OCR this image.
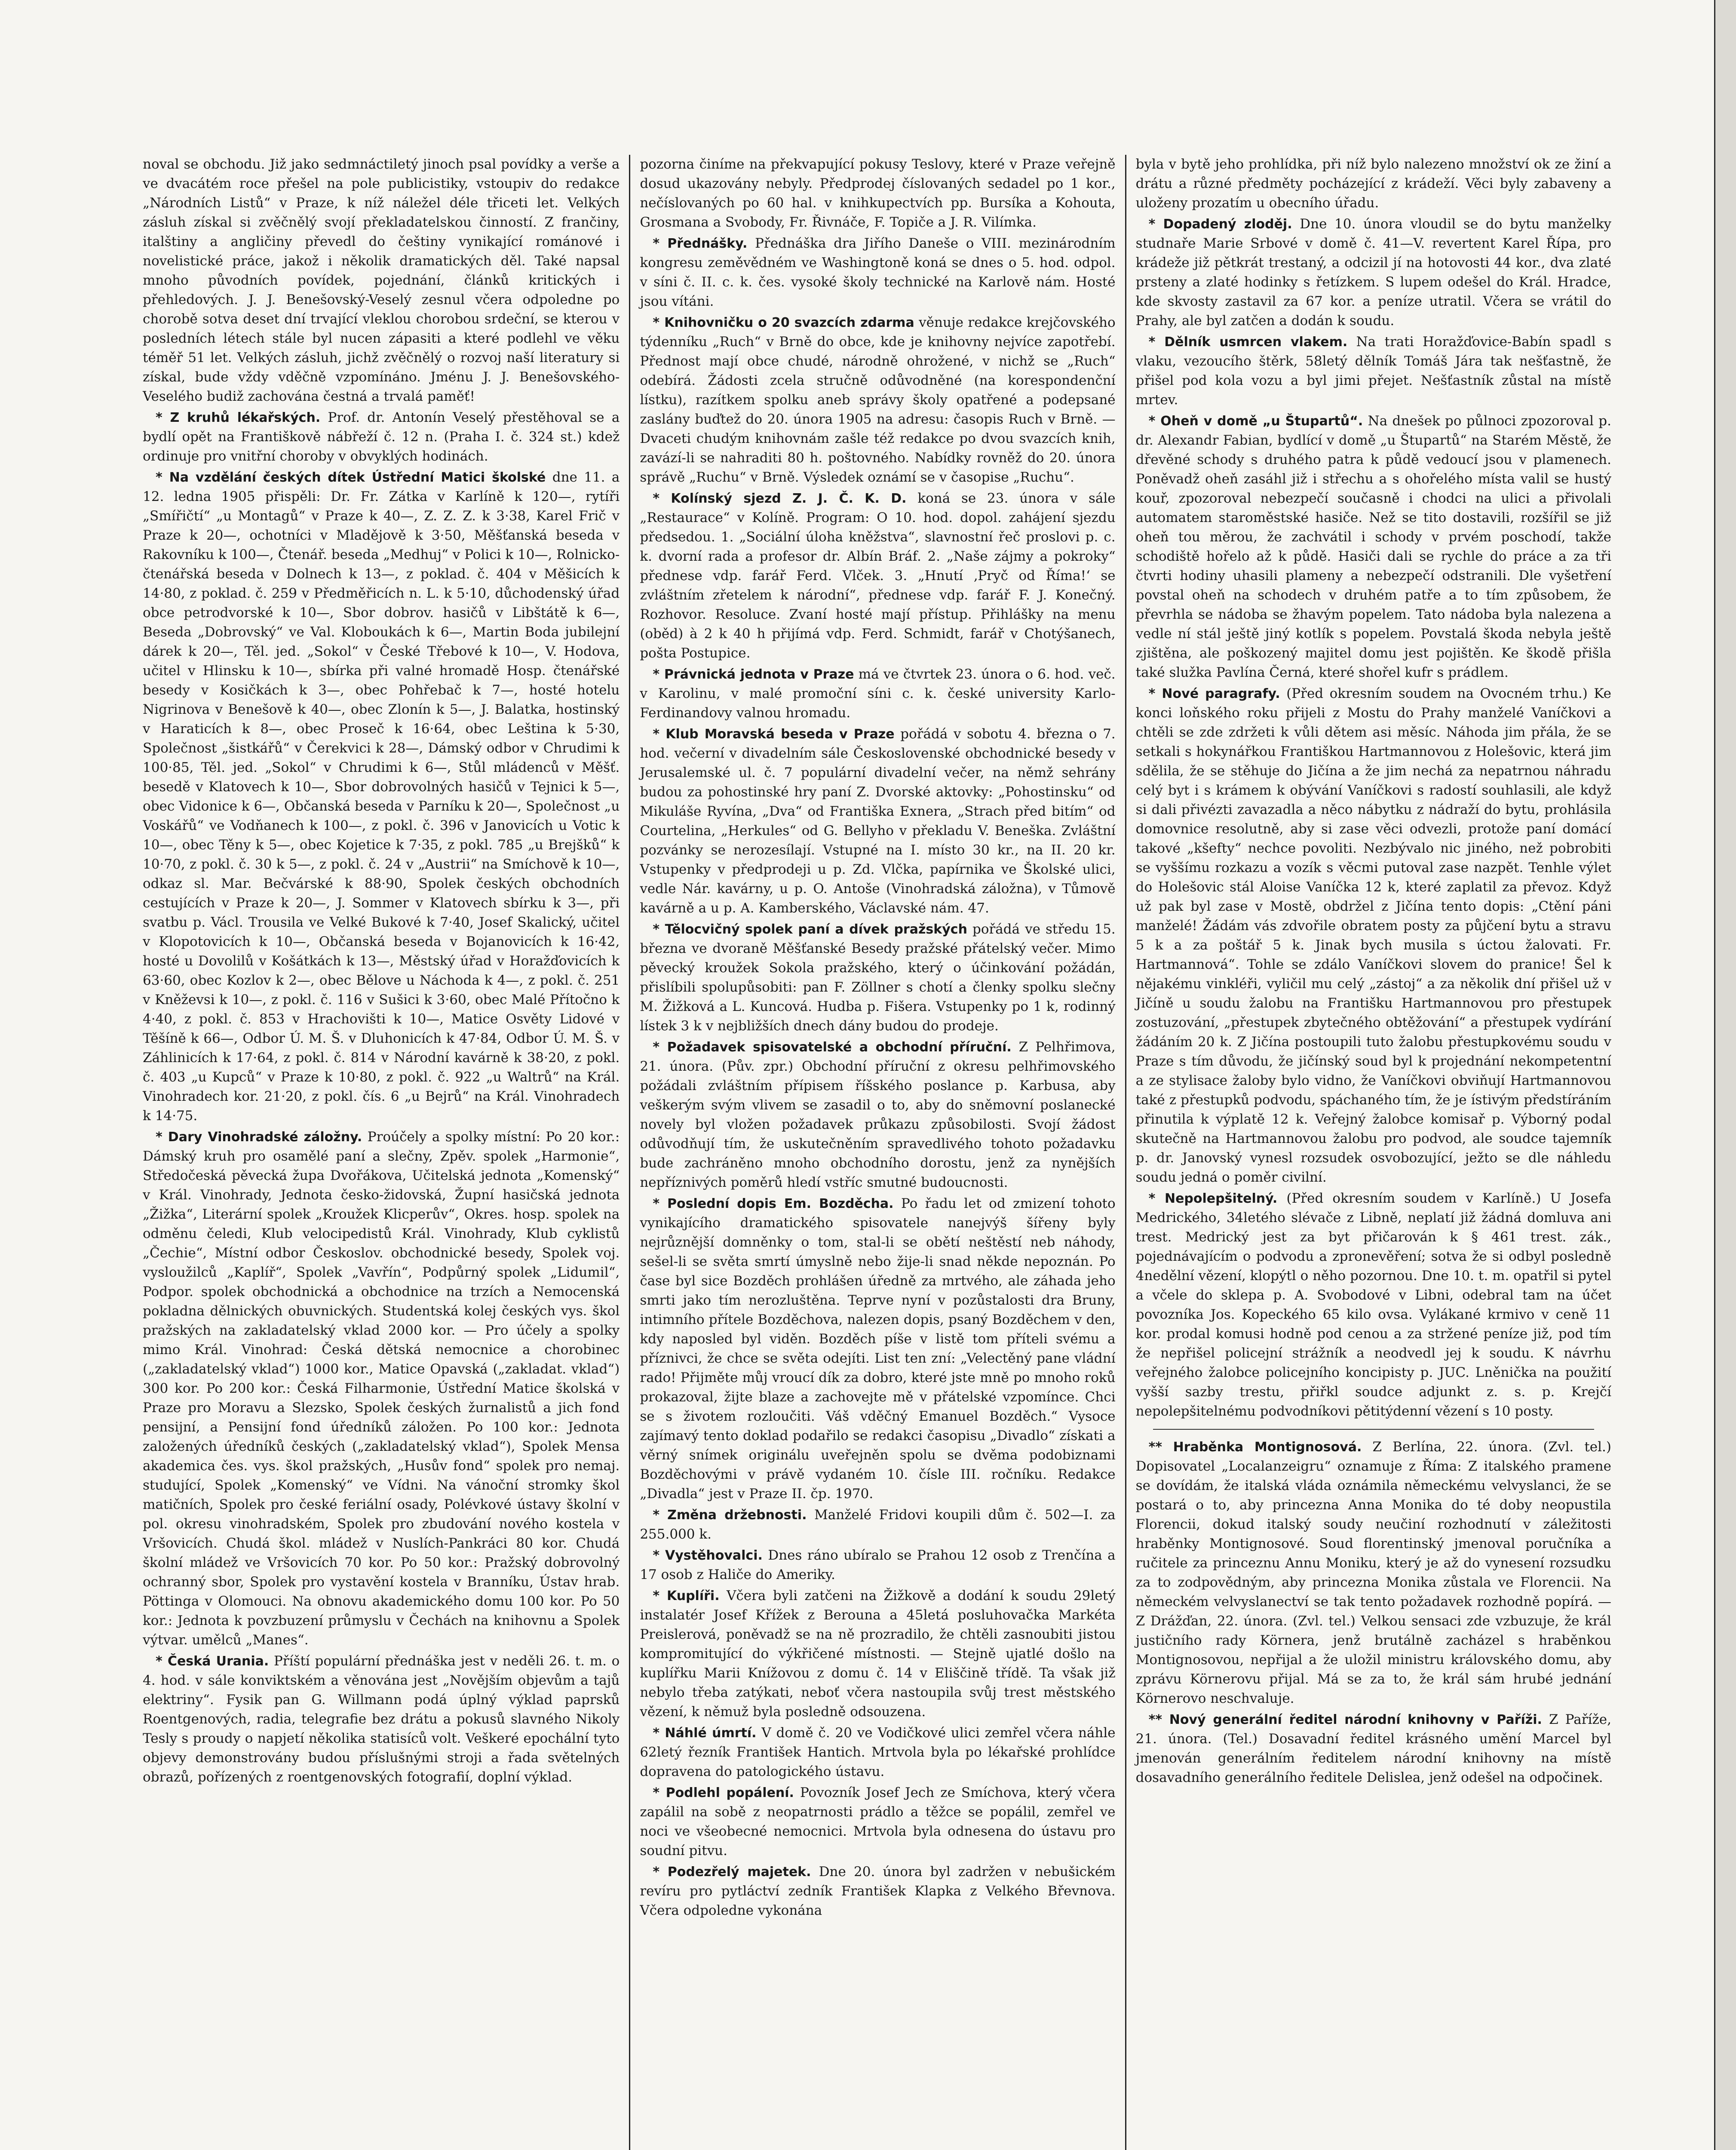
noval se obchodu. Již jako sedmnáctiletý jinoch psal povídky a verše a ve dvacátém roce přešel na pole publicistiky, vstoupiv do redakce „Národních Listů“ v Praze, k níž náležel déle třiceti let. Velkých zásluh získal si zvěčnělý svojí překladatelskou činností. Z frančiny, italštiny a angličiny převedl do češtiny vynikající románové i novelistické práce, jakož i několik dramatických děl. Také napsal mnoho původních povídek, pojednání, článků kritických i přehledových. J. J. Benešovský-Veselý zesnul včera odpoledne po chorobě sotva deset dní trvající vleklou chorobou srdeční, se kterou v posledních létech stále byl nucen zápasiti a které podlehl ve věku téměř 51 let. Velkých zásluh, jichž zvěčnělý o rozvoj naší literatury si získal, bude vždy vděčně vzpomínáno. Jménu J. J. Benešovského-Veselého budiž zachována čestná a trvalá paměť!

* Z kruhů lékařských. Prof. dr. Antonín Veselý přestěhoval se a bydlí opět na Františkově nábřeží č. 12 n. (Praha I. č. 324 st.) kdež ordinuje pro vnitřní choroby v obvyklých hodinách.

* Na vzdělání českých dítek Ústřední Matici školské dne 11. a 12. ledna 1905 přispěli: Dr. Fr. Zátka v Karlíně k 120—, rytíři „Smířičtí“ „u Montagů“ v Praze k 40—, Z. Z. Z. k 3·38, Karel Frič v Praze k 20—, ochotníci v Mladějově k 3·50, Měšťanská beseda v Rakovníku k 100—, Čtenář. beseda „Medhuj“ v Polici k 10—, Rolnicko-čtenářská beseda v Dolnech k 13—, z poklad. č. 404 v Měšicích k 14·80, z poklad. č. 259 v Předměřicích n. L. k 5·10, důchodenský úřad obce petrodvorské k 10—, Sbor dobrov. hasičů v Libštátě k 6—, Beseda „Dobrovský“ ve Val. Kloboukách k 6—, Martin Boda jubilejní dárek k 20—, Těl. jed. „Sokol“ v České Třebové k 10—, V. Hodova, učitel v Hlinsku k 10—, sbírka při valné hromadě Hosp. čtenářské besedy v Kosičkách k 3—, obec Pohřebač k 7—, hosté hotelu Nigrinova v Benešově k 40—, obec Zlonín k 5—, J. Balatka, hostinský v Haraticích k 8—, obec Proseč k 16·64, obec Leština k 5·30, Společnost „šistkářů“ v Čerekvici k 28—, Dámský odbor v Chrudimi k 100·85, Těl. jed. „Sokol“ v Chrudimi k 6—, Stůl mládenců v Měšť. besedě v Klatovech k 10—, Sbor dobrovolných hasičů v Tejnici k 5—, obec Vidonice k 6—, Občanská beseda v Parníku k 20—, Společnost „u Voskářů“ ve Vodňanech k 100—, z pokl. č. 396 v Janovicích u Votic k 10—, obec Těny k 5—, obec Kojetice k 7·35, z pokl. 785 „u Brejšků“ k 10·70, z pokl. č. 30 k 5—, z pokl. č. 24 v „Austrii“ na Smíchově k 10—, odkaz sl. Mar. Bečvárské k 88·90, Spolek českých obchodních cestujících v Praze k 20—, J. Sommer v Klatovech sbírku k 3—, při svatbu p. Václ. Trousila ve Velké Bukové k 7·40, Josef Skalický, učitel v Klopotovicích k 10—, Občanská beseda v Bojanovicích k 16·42, hosté u Dovolilů v Košátkách k 13—, Městský úřad v Horažďovicích k 63·60, obec Kozlov k 2—, obec Bělove u Náchoda k 4—, z pokl. č. 251 v Kněževsi k 10—, z pokl. č. 116 v Sušici k 3·60, obec Malé Přítočno k 4·40, z pokl. č. 853 v Hrachovišti k 10—, Matice Osvěty Lidové v Těšíně k 66—, Odbor Ú. M. Š. v Dluhonicích k 47·84, Odbor Ú. M. Š. v Záhlinicích k 17·64, z pokl. č. 814 v Národní kavárně k 38·20, z pokl. č. 403 „u Kupců“ v Praze k 10·80, z pokl. č. 922 „u Waltrů“ na Král. Vinohradech kor. 21·20, z pokl. čís. 6 „u Bejrů“ na Král. Vinohradech k 14·75.

* Dary Vinohradské záložny. Proúčely a spolky místní: Po 20 kor.: Dámský kruh pro osamělé paní a slečny, Zpěv. spolek „Harmonie“, Středočeská pěvecká župa Dvořákova, Učitelská jednota „Komenský“ v Král. Vinohrady, Jednota česko-židovská, Župní hasičská jednota „Žižka“, Literární spolek „Kroužek Klicperův“, Okres. hosp. spolek na odměnu čeledi, Klub velocipedistů Král. Vinohrady, Klub cyklistů „Čechie“, Místní odbor Českoslov. obchodnické besedy, Spolek voj. vysloužilců „Kaplíř“, Spolek „Vavřín“, Podpůrný spolek „Lidumil“, Podpor. spolek obchodnická a obchodnice na trzích a Nemocenská pokladna dělnických obuvnických. Studentská kolej českých vys. škol pražských na zakladatelský vklad 2000 kor. — Pro účely a spolky mimo Král. Vinohrad: Česká dětská nemocnice a chorobinec („zakladatelský vklad“) 1000 kor., Matice Opavská („zakladat. vklad“) 300 kor. Po 200 kor.: Česká Filharmonie, Ústřední Matice školská v Praze pro Moravu a Slezsko, Spolek českých žurnalistů a jich fond pensijní, a Pensijní fond úředníků záložen. Po 100 kor.: Jednota založených úředníků českých („zakladatelský vklad“), Spolek Mensa akademica čes. vys. škol pražských, „Husův fond“ spolek pro nemaj. studující, Spolek „Komenský“ ve Vídni. Na vánoční stromky škol matičních, Spolek pro české feriální osady, Polévkové ústavy školní v pol. okresu vinohradském, Spolek pro zbudování nového kostela v Vršovicích. Chudá škol. mládež v Nuslích-Pankráci 80 kor. Chudá školní mládež ve Vršovicích 70 kor. Po 50 kor.: Pražský dobrovolný ochranný sbor, Spolek pro vystavění kostela v Branníku, Ústav hrab. Pöttinga v Olomouci. Na obnovu akademického domu 100 kor. Po 50 kor.: Jednota k povzbuzení průmyslu v Čechách na knihovnu a Spolek výtvar. umělců „Manes“.

* Česká Urania. Příští populární přednáška jest v neděli 26. t. m. o 4. hod. v sále konviktském a věnována jest „Novějším objevům a tajů elektriny“. Fysik pan G. Willmann podá úplný výklad paprsků Roentgenových, radia, telegrafie bez drátu a pokusů slavného Nikoly Tesly s proudy o napjetí několika statisíců volt. Veškeré epochální tyto objevy demonstrovány budou příslušnými stroji a řada světelných obrazů, pořízených z roentgenovských fotografií, doplní výklad.

pozorna činíme na překvapující pokusy Teslovy, které v Praze veřejně dosud ukazovány nebyly. Předprodej číslovaných sedadel po 1 kor., nečíslovaných po 60 hal. v knihkupectvích pp. Bursíka a Kohouta, Grosmana a Svobody, Fr. Řivnáče, F. Topiče a J. R. Vilímka.

* Přednášky. Přednáška dra Jiřího Daneše o VIII. mezinárodním kongresu zeměvědném ve Washingtoně koná se dnes o 5. hod. odpol. v síni č. II. c. k. čes. vysoké školy technické na Karlově nám. Hosté jsou vítáni.

* Knihovničku o 20 svazcích zdarma věnuje redakce krejčovského týdenníku „Ruch“ v Brně do obce, kde je knihovny nejvíce zapotřebí. Přednost mají obce chudé, národně ohrožené, v nichž se „Ruch“ odebírá. Žádosti zcela stručně odůvodněné (na korespondenční lístku), razítkem spolku aneb správy školy opatřené a podepsané zaslány buďtež do 20. února 1905 na adresu: časopis Ruch v Brně. — Dvaceti chudým knihovnám zašle též redakce po dvou svazcích knih, zavází-li se nahraditi 80 h. poštovného. Nabídky rovněž do 20. února správě „Ruchu“ v Brně. Výsledek oznámí se v časopise „Ruchu“.

* Kolínský sjezd Z. J. Č. K. D. koná se 23. února v sále „Restaurace“ v Kolíně. Program: O 10. hod. dopol. zahájení sjezdu předsedou. 1. „Sociální úloha kněžstva“, slavnostní řeč proslovi p. c. k. dvorní rada a profesor dr. Albín Bráf. 2. „Naše zájmy a pokroky“ přednese vdp. farář Ferd. Vlček. 3. „Hnutí ‚Pryč od Říma!‘ se zvláštním zřetelem k národní“, přednese vdp. farář F. J. Konečný. Rozhovor. Resoluce. Zvaní hosté mají přístup. Přihlášky na menu (oběd) à 2 k 40 h přijímá vdp. Ferd. Schmidt, farář v Chotýšanech, pošta Postupice.

* Právnická jednota v Praze má ve čtvrtek 23. února o 6. hod. več. v Karolinu, v malé promoční síni c. k. české university Karlo-Ferdinandovy valnou hromadu.

* Klub Moravská beseda v Praze pořádá v sobotu 4. března o 7. hod. večerní v divadelním sále Československé obchodnické besedy v Jerusalemské ul. č. 7 populární divadelní večer, na němž sehrány budou za pohostinské hry paní Z. Dvorské aktovky: „Pohostinsku“ od Mikuláše Ryvína, „Dva“ od Františka Exnera, „Strach před bitím“ od Courtelina, „Herkules“ od G. Bellyho v překladu V. Beneška. Zvláštní pozvánky se nerozesílají. Vstupné na I. místo 30 kr., na II. 20 kr. Vstupenky v předprodeji u p. Zd. Vlčka, papírnika ve Školské ulici, vedle Nár. kavárny, u p. O. Antoše (Vinohradská záložna), v Tůmově kavárně a u p. A. Kamberského, Václavské nám. 47.

* Tělocvičný spolek paní a dívek pražských pořádá ve středu 15. března ve dvoraně Měšťanské Besedy pražské přátelský večer. Mimo pěvecký kroužek Sokola pražského, který o účinkování požádán, přislíbili spolupůsobiti: pan F. Zöllner s chotí a členky spolku slečny M. Žižková a L. Kuncová. Hudba p. Fišera. Vstupenky po 1 k, rodinný lístek 3 k v nejbližších dnech dány budou do prodeje.

* Požadavek spisovatelské a obchodní příruční. Z Pelhřimova, 21. února. (Pův. zpr.) Obchodní příruční z okresu pelhřimovského požádali zvláštním přípisem říšského poslance p. Karbusa, aby veškerým svým vlivem se zasadil o to, aby do sněmovní poslanecké novely byl vložen požadavek průkazu způsobilosti. Svojí žádost odůvodňují tím, že uskutečněním spravedlivého tohoto požadavku bude zachráněno mnoho obchodního dorostu, jenž za nynějších nepříznivých poměrů hledí vstříc smutné budoucnosti.

* Poslední dopis Em. Bozděcha. Po řadu let od zmizení tohoto vynikajícího dramatického spisovatele nanejvýš šířeny byly nejrůznější domněnky o tom, stal-li se obětí neštěstí neb náhody, sešel-li se světa smrtí úmyslně nebo žije-li snad někde nepoznán. Po čase byl sice Bozděch prohlášen úředně za mrtvého, ale záhada jeho smrti jako tím nerozluštěna. Teprve nyní v pozůstalosti dra Bruny, intimního přítele Bozděchova, nalezen dopis, psaný Bozděchem v den, kdy naposled byl viděn. Bozděch píše v listě tom příteli svému a příznivci, že chce se světa odejíti. List ten zní: „Velectěný pane vládní rado! Přijměte můj vroucí dík za dobro, které jste mně po mnoho roků prokazoval, žijte blaze a zachovejte mě v přátelské vzpomínce. Chci se s životem rozloučiti. Váš vděčný Emanuel Bozděch.“ Vysoce zajímavý tento doklad podařilo se redakci časopisu „Divadlo“ získati a věrný snímek originálu uveřejněn spolu se dvěma podobiznami Bozděchovými v právě vydaném 10. čísle III. ročníku. Redakce „Divadla“ jest v Praze II. čp. 1970.

* Změna držebnosti. Manželé Fridovi koupili dům č. 502—I. za 255.000 k.

* Vystěhovalci. Dnes ráno ubíralo se Prahou 12 osob z Trenčína a 17 osob z Haliče do Ameriky.

* Kuplíři. Včera byli zatčeni na Žižkově a dodání k soudu 29letý instalatér Josef Křížek z Berouna a 45letá posluhovačka Markéta Preislerová, poněvadž se na ně prozradilo, že chtěli zasnoubiti jistou kompromitující do výkřičené místnosti. — Stejně ujatlé došlo na kuplířku Marii Knížovou z domu č. 14 v Eliščině třídě. Ta však již nebylo třeba zatýkati, neboť včera nastoupila svůj trest městského vězení, k němuž byla posledně odsouzena.

* Náhlé úmrtí. V domě č. 20 ve Vodičkové ulici zemřel včera náhle 62letý řezník František Hantich. Mrtvola byla po lékařské prohlídce dopravena do patologického ústavu.

* Podlehl popálení. Povozník Josef Jech ze Smíchova, který včera zapálil na sobě z neopatrnosti prádlo a těžce se popálil, zemřel ve noci ve všeobecné nemocnici. Mrtvola byla odnesena do ústavu pro soudní pitvu.

* Podezřelý majetek. Dne 20. února byl zadržen v nebušickém revíru pro pytláctví zedník František Klapka z Velkého Břevnova. Včera odpoledne vykonána

byla v bytě jeho prohlídka, při níž bylo nalezeno množství ok ze žiní a drátu a různé předměty pocházející z krádeží. Věci byly zabaveny a uloženy prozatím u obecního úřadu.

* Dopadený zloděj. Dne 10. února vloudil se do bytu manželky studnaře Marie Srbové v domě č. 41—V. revertent Karel Řípa, pro krádeže již pětkrát trestaný, a odcizil jí na hotovosti 44 kor., dva zlaté prsteny a zlaté hodinky s řetízkem. S lupem odešel do Král. Hradce, kde skvosty zastavil za 67 kor. a peníze utratil. Včera se vrátil do Prahy, ale byl zatčen a dodán k soudu.

* Dělník usmrcen vlakem. Na trati Horažďovice-Babín spadl s vlaku, vezoucího štěrk, 58letý dělník Tomáš Jára tak nešťastně, že přišel pod kola vozu a byl jimi přejet. Nešťastník zůstal na místě mrtev.

* Oheň v domě „u Štupartů“. Na dnešek po půlnoci zpozoroval p. dr. Alexandr Fabian, bydlící v domě „u Štupartů“ na Starém Městě, že dřevěné schody s druhého patra k půdě vedoucí jsou v plamenech. Poněvadž oheň zasáhl již i střechu a s ohořelého místa valil se hustý kouř, zpozoroval nebezpečí současně i chodci na ulici a přivolali automatem staroměstské hasiče. Než se tito dostavili, rozšířil se již oheň tou měrou, že zachvátil i schody v prvém poschodí, takže schodiště hořelo až k půdě. Hasiči dali se rychle do práce a za tři čtvrti hodiny uhasili plameny a nebezpečí odstranili. Dle vyšetření povstal oheň na schodech v druhém patře a to tím způsobem, že převrhla se nádoba se žhavým popelem. Tato nádoba byla nalezena a vedle ní stál ještě jiný kotlík s popelem. Povstalá škoda nebyla ještě zjištěna, ale poškozený majitel domu jest pojištěn. Ke škodě přišla také služka Pavlína Černá, které shořel kufr s prádlem.

* Nové paragrafy. (Před okresním soudem na Ovocném trhu.) Ke konci loňského roku přijeli z Mostu do Prahy manželé Vaníčkovi a chtěli se zde zdržeti k vůli dětem asi měsíc. Náhoda jim přála, že se setkali s hokynářkou Františkou Hartmannovou z Holešovic, která jim sdělila, že se stěhuje do Jičína a že jim nechá za nepatrnou náhradu celý byt i s krámem k obývání Vaníčkovi s radostí souhlasili, ale když si dali přivézti zavazadla a něco nábytku z nádraží do bytu, prohlásila domovnice resolutně, aby si zase věci odvezli, protože paní domácí takové „kšefty“ nechce povoliti. Nezbývalo nic jiného, než pobrobiti se vyššímu rozkazu a vozík s věcmi putoval zase nazpět. Tenhle výlet do Holešovic stál Aloise Vaníčka 12 k, které zaplatil za převoz. Když už pak byl zase v Mostě, obdržel z Jičína tento dopis: „Ctění páni manželé! Žádám vás zdvořile obratem posty za půjčení bytu a stravu 5 k a za poštář 5 k. Jinak bych musila s úctou žalovati. Fr. Hartmannová“. Tohle se zdálo Vaníčkovi slovem do pranice! Šel k nějakému vinkléři, vyličil mu celý „zástoj“ a za několik dní přišel už v Jičíně u soudu žalobu na Františku Hartmannovou pro přestupek zostuzování, „přestupek zbytečného obtěžování“ a přestupek vydírání žádáním 20 k. Z Jičína postoupili tuto žalobu přestupkovému soudu v Praze s tím důvodu, že jičínský soud byl k projednání nekompetentní a ze stylisace žaloby bylo vidno, že Vaníčkovi obviňují Hartmannovou také z přestupků podvodu, spáchaného tím, že je ístivým předstíráním přinutila k výplatě 12 k. Veřejný žalobce komisař p. Výborný podal skutečně na Hartmannovou žalobu pro podvod, ale soudce tajemník p. dr. Janovský vynesl rozsudek osvobozující, ježto se dle náhledu soudu jedná o poměr civilní.

* Nepolepšitelný. (Před okresním soudem v Karlíně.) U Josefa Medrického, 34letého slévače z Libně, neplatí již žádná domluva ani trest. Medrický jest za byt přičarován k § 461 trest. zák., pojednávajícím o podvodu a zpronevěření; sotva že si odbyl posledně 4nedělní vězení, klopýtl o něho pozornou. Dne 10. t. m. opatřil si pytel a včele do sklepa p. A. Svobodové v Libni, odebral tam na účet povozníka Jos. Kopeckého 65 kilo ovsa. Vylákané krmivo v ceně 11 kor. prodal komusi hodně pod cenou a za stržené peníze již, pod tím že nepřišel policejní strážník a neodvedl jej k soudu. K návrhu veřejného žalobce policejního koncipisty p. JUC. Lněnička na použití vyšší sazby trestu, přiřkl soudce adjunkt z. s. p. Krejčí nepolepšitelnému podvodníkovi pětitýdenní vězení s 10 posty.

** Hraběnka Montignosová. Z Berlína, 22. února. (Zvl. tel.) Dopisovatel „Localanzeigru“ oznamuje z Říma: Z italského pramene se dovídám, že italská vláda oznámila německému velvyslanci, že se postará o to, aby princezna Anna Monika do té doby neopustila Florencii, dokud italský soudy neučiní rozhodnutí v záležitosti hraběnky Montignosové. Soud florentinský jmenoval poručníka a ručitele za princeznu Annu Moniku, který je až do vynesení rozsudku za to zodpovědným, aby princezna Monika zůstala ve Florencii. Na německém velvyslanectví se tak tento požadavek rozhodně popírá. — Z Drážďan, 22. února. (Zvl. tel.) Velkou sensaci zde vzbuzuje, že král justičního rady Körnera, jenž brutálně zacházel s hraběnkou Montignosovou, nepřijal a že uložil ministru královského domu, aby zprávu Körnerovu přijal. Má se za to, že král sám hrubé jednání Körnerovo neschvaluje.

** Nový generální ředitel národní knihovny v Paříži. Z Paříže, 21. února. (Tel.) Dosavadní ředitel krásného umění Marcel byl jmenován generálním ředitelem národní knihovny na místě dosavadního generálního ředitele Delislea, jenž odešel na odpočinek.
